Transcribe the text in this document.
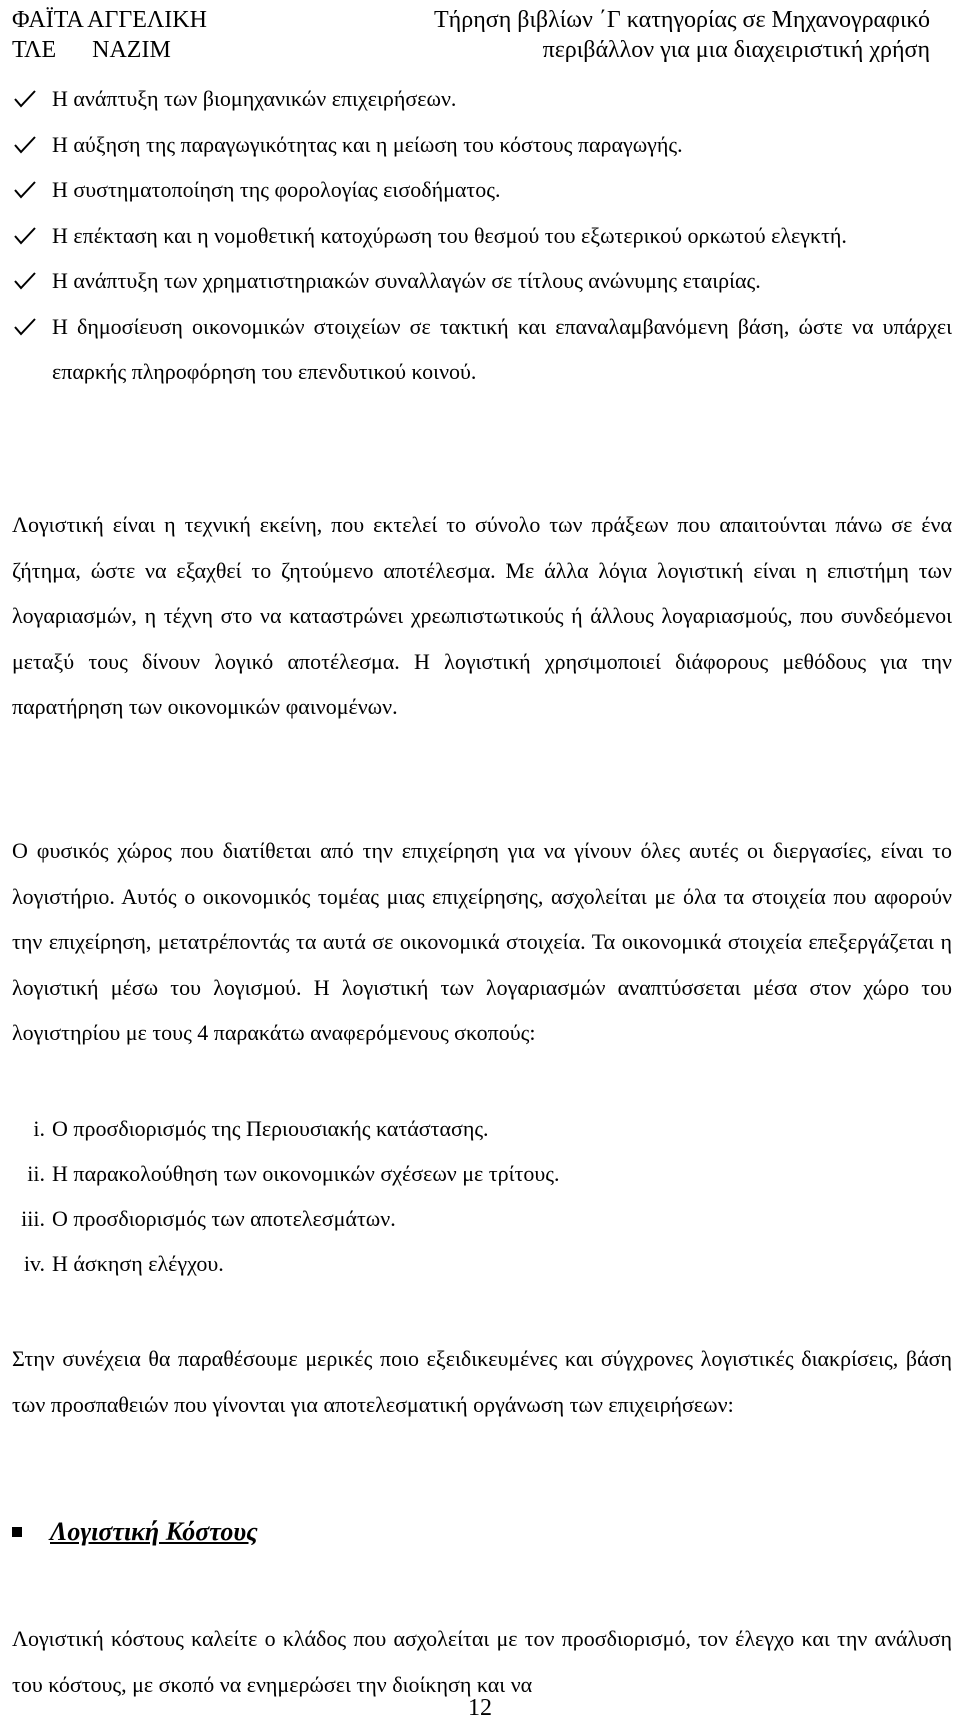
ΦΑΪΤΑ ΑΓΓΕΛΙΚΗ
ΤΛΕ      ΝΑΖΙΜ
Τήρηση βιβλίων ΄Γ κατηγορίας σε Μηχανογραφικό
περιβάλλον για μια διαχειριστική χρήση
Η ανάπτυξη των βιομηχανικών επιχειρήσεων.
Η αύξηση της παραγωγικότητας και η μείωση του κόστους παραγωγής.
Η συστηματοποίηση της φορολογίας εισοδήματος.
Η επέκταση και η νομοθετική κατοχύρωση του θεσμού του εξωτερικού ορκωτού ελεγκτή.
Η ανάπτυξη των χρηματιστηριακών συναλλαγών σε τίτλους ανώνυμης εταιρίας.
Η δημοσίευση οικονομικών στοιχείων σε τακτική και επαναλαμβανόμενη βάση, ώστε να υπάρχει επαρκής πληροφόρηση του επενδυτικού κοινού.

Λογιστική είναι η τεχνική εκείνη, που εκτελεί το σύνολο των πράξεων που απαιτούνται πάνω σε ένα ζήτημα, ώστε να εξαχθεί το ζητούμενο αποτέλεσμα. Με άλλα λόγια λογιστική είναι η επιστήμη των λογαριασμών, η τέχνη στο να καταστρώνει χρεωπιστωτικούς ή άλλους λογαριασμούς, που συνδεόμενοι μεταξύ τους δίνουν λογικό αποτέλεσμα. Η λογιστική χρησιμοποιεί διάφορους μεθόδους για την παρατήρηση των οικονομικών φαινομένων.

Ο φυσικός χώρος που διατίθεται από την επιχείρηση για να γίνουν όλες αυτές οι διεργασίες, είναι το λογιστήριο. Αυτός ο οικονομικός τομέας μιας επιχείρησης, ασχολείται με όλα τα στοιχεία που αφορούν την επιχείρηση, μετατρέποντάς τα αυτά σε οικονομικά στοιχεία. Τα οικονομικά στοιχεία επεξεργάζεται η λογιστική μέσω του λογισμού. Η λογιστική των λογαριασμών αναπτύσσεται μέσα στον χώρο του λογιστηρίου με τους 4 παρακάτω αναφερόμενους σκοπούς:

i. Ο προσδιορισμός της Περιουσιακής κατάστασης.
ii. Η παρακολούθηση των οικονομικών σχέσεων με τρίτους.
iii. Ο προσδιορισμός των αποτελεσμάτων.
iv. Η άσκηση ελέγχου.

Στην συνέχεια θα παραθέσουμε μερικές ποιο εξειδικευμένες και σύγχρονες λογιστικές διακρίσεις, βάση των προσπαθειών που γίνονται για αποτελεσματική οργάνωση των επιχειρήσεων:

Λογιστική Κόστους

Λογιστική κόστους καλείτε ο κλάδος που ασχολείται με τον προσδιορισμό, τον έλεγχο και την ανάλυση του κόστους, με σκοπό να ενημερώσει την διοίκηση και να

12
